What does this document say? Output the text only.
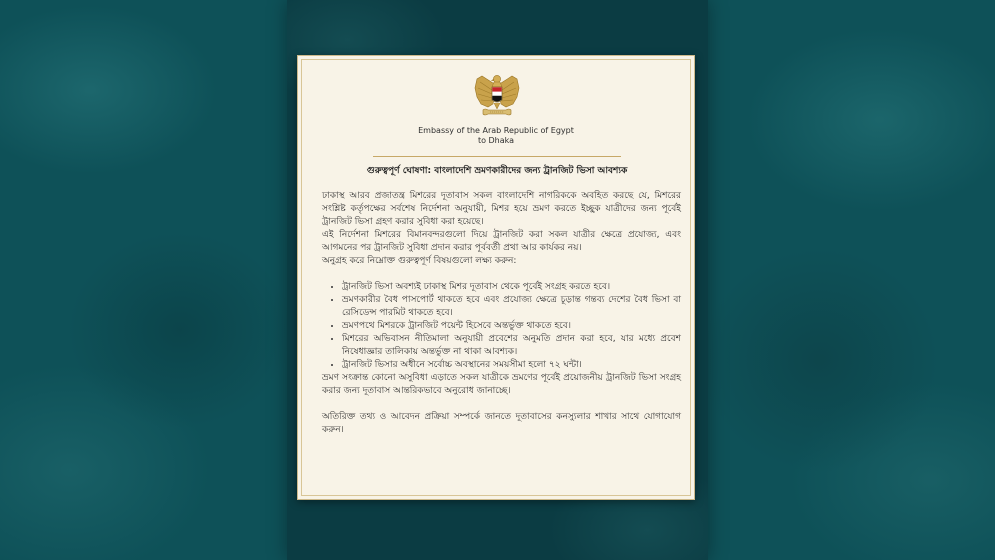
Embassy of the Arab Republic of Egypt
to Dhaka
গুরুত্বপূর্ণ ঘোষণা: বাংলাদেশি ভ্রমণকারীদের জন্য ট্রানজিট ভিসা আবশ্যক

ঢাকাস্থ আরব প্রজাতন্ত্র মিশরের দূতাবাস সকল বাংলাদেশি নাগরিককে অবহিত করছে যে, মিশরের সংশ্লিষ্ট কর্তৃপক্ষের সর্বশেষ নির্দেশনা অনুযায়ী, মিশর হয়ে ভ্রমণ করতে ইচ্ছুক যাত্রীদের জন্য পূর্বেই ট্রানজিট ভিসা গ্রহণ করার সুবিধা করা হয়েছে।

এই নির্দেশনা মিশরের বিমানবন্দরগুলো দিয়ে ট্রানজিট করা সকল যাত্রীর ক্ষেত্রে প্রযোজ্য, এবং আগমনের পর ট্রানজিট সুবিধা প্রদান করার পূর্ববর্তী প্রথা আর কার্যকর নয়।

অনুগ্রহ করে নিম্নোক্ত গুরুত্বপূর্ণ বিষয়গুলো লক্ষ্য করুন:

• ট্রানজিট ভিসা অবশ্যই ঢাকাস্থ মিশর দূতাবাস থেকে পূর্বেই সংগ্রহ করতে হবে।
• ভ্রমণকারীর বৈধ পাসপোর্ট থাকতে হবে এবং প্রযোজ্য ক্ষেত্রে চূড়ান্ত গন্তব্য দেশের বৈধ ভিসা বা রেসিডেন্স পারমিট থাকতে হবে।
• ভ্রমণপথে মিশরকে ট্রানজিট পয়েন্ট হিসেবে অন্তর্ভুক্ত থাকতে হবে।
• মিশরের অভিবাসন নীতিমালা অনুযায়ী প্রবেশের অনুমতি প্রদান করা হবে, যার মধ্যে প্রবেশ নিষেধাজ্ঞার তালিকায় অন্তর্ভুক্ত না থাকা আবশ্যক।
• ট্রানজিট ভিসার অধীনে সর্বোচ্চ অবস্থানের সময়সীমা হলো ৭২ ঘন্টা।

ভ্রমণ সংক্রান্ত কোনো অসুবিধা এড়াতে সকল যাত্রীকে ভ্রমণের পূর্বেই প্রয়োজনীয় ট্রানজিট ভিসা সংগ্রহ করার জন্য দূতাবাস আন্তরিকভাবে অনুরোধ জানাচ্ছে।

অতিরিক্ত তথ্য ও আবেদন প্রক্রিয়া সম্পর্কে জানতে দূতাবাসের কনস্যুলার শাখার সাথে যোগাযোগ করুন।
